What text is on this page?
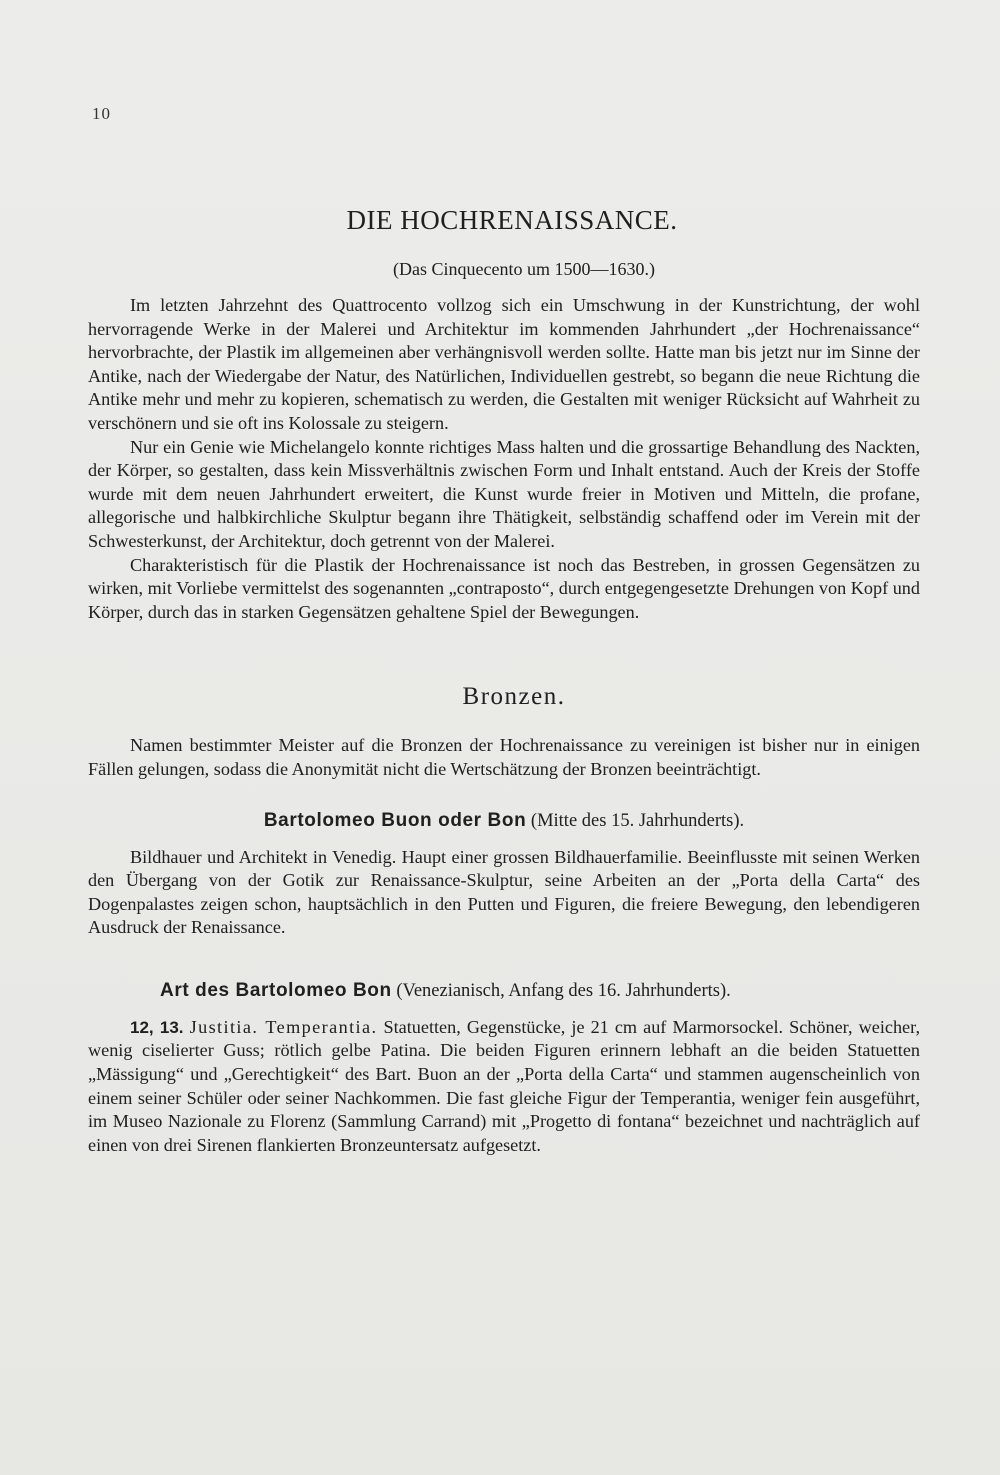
10
DIE HOCHRENAISSANCE.
(Das Cinquecento um 1500—1630.)

Im letzten Jahrzehnt des Quattrocento vollzog sich ein Umschwung in der Kunstrichtung, der wohl hervorragende Werke in der Malerei und Architektur im kommenden Jahrhundert „der Hochrenaissance“ hervorbrachte, der Plastik im allgemeinen aber verhängnisvoll werden sollte. Hatte man bis jetzt nur im Sinne der Antike, nach der Wiedergabe der Natur, des Natürlichen, Individuellen gestrebt, so begann die neue Richtung die Antike mehr und mehr zu kopieren, schematisch zu werden, die Gestalten mit weniger Rücksicht auf Wahrheit zu verschönern und sie oft ins Kolossale zu steigern.

Nur ein Genie wie Michelangelo konnte richtiges Mass halten und die grossartige Behandlung des Nackten, der Körper, so gestalten, dass kein Missverhältnis zwischen Form und Inhalt entstand. Auch der Kreis der Stoffe wurde mit dem neuen Jahrhundert erweitert, die Kunst wurde freier in Motiven und Mitteln, die profane, allegorische und halbkirchliche Skulptur begann ihre Thätigkeit, selbständig schaffend oder im Verein mit der Schwesterkunst, der Architektur, doch getrennt von der Malerei.

Charakteristisch für die Plastik der Hochrenaissance ist noch das Bestreben, in grossen Gegensätzen zu wirken, mit Vorliebe vermittelst des sogenannten „contraposto“, durch entgegengesetzte Drehungen von Kopf und Körper, durch das in starken Gegensätzen gehaltene Spiel der Bewegungen.

Bronzen.

Namen bestimmter Meister auf die Bronzen der Hochrenaissance zu vereinigen ist bisher nur in einigen Fällen gelungen, sodass die Anonymität nicht die Wertschätzung der Bronzen beeinträchtigt.

Bartolomeo Buon oder Bon (Mitte des 15. Jahrhunderts).

Bildhauer und Architekt in Venedig. Haupt einer grossen Bildhauerfamilie. Beeinflusste mit seinen Werken den Übergang von der Gotik zur Renaissance-Skulptur, seine Arbeiten an der „Porta della Carta“ des Dogenpalastes zeigen schon, hauptsächlich in den Putten und Figuren, die freiere Bewegung, den lebendigeren Ausdruck der Renaissance.

Art des Bartolomeo Bon (Venezianisch, Anfang des 16. Jahrhunderts).

12, 13. Justitia. Temperantia. Statuetten, Gegenstücke, je 21 cm auf Marmorsockel. Schöner, weicher, wenig ciselierter Guss; rötlich gelbe Patina. Die beiden Figuren erinnern lebhaft an die beiden Statuetten „Mässigung“ und „Gerechtigkeit“ des Bart. Buon an der „Porta della Carta“ und stammen augenscheinlich von einem seiner Schüler oder seiner Nachkommen. Die fast gleiche Figur der Temperantia, weniger fein ausgeführt, im Museo Nazionale zu Florenz (Sammlung Carrand) mit „Progetto di fontana“ bezeichnet und nachträglich auf einen von drei Sirenen flankierten Bronzeuntersatz aufgesetzt.
